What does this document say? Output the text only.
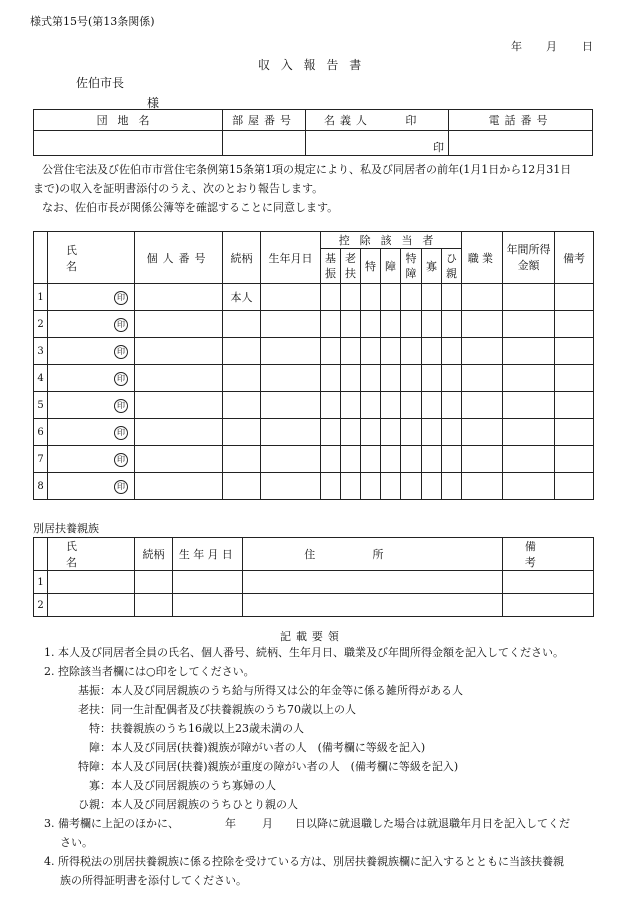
様式第15号(第13条関係)
年 月 日
収入報告書
佐伯市長
様
団地名	部屋番号	名義人 印	電話番号
		印	
公営住宅法及び佐伯市市営住宅条例第15条第1項の規定により、私及び同居者の前年(1月1日から12月31日
まで)の収入を証明書添付のうえ、次のとおり報告します。
なお、佐伯市長が関係公簿等を確認することに同意します。
	氏名	個人番号	続柄	生年月日	控除該当者							職業	年間所得金額	備考

					基振	老扶	特	障	特障	寡	ひ親			

1	印		本人											
2	印													
3	印													
4	印													
5	印													
6	印													
7	印													
8	印													
別居扶養親族
	氏名	続柄	生年月日	住所	備考
1					
2					
記載要領
1. 本人及び同居者全員の氏名、個人番号、続柄、生年月日、職業及び年間所得金額を記入してください。
2. 控除該当者欄には○印をしてください。
基振：本人及び同居親族のうち給与所得又は公的年金等に係る雑所得がある人
老扶：同一生計配偶者及び扶養親族のうち70歳以上の人
特：扶養親族のうち16歳以上23歳未満の人
障：本人及び同居(扶養)親族が障がい者の人　(備考欄に等級を記入)
特障：本人及び同居(扶養)親族が重度の障がい者の人　(備考欄に等級を記入)
寡：本人及び同居親族のうち寡婦の人
ひ親：本人及び同居親族のうちひとり親の人
3. 備考欄に上記のほかに、	年 月 日以降に就退職した場合は就退職年月日を記入してくだ
さい。
4. 所得税法の別居扶養親族に係る控除を受けている方は、別居扶養親族欄に記入するとともに当該扶養親
族の所得証明書を添付してください。
